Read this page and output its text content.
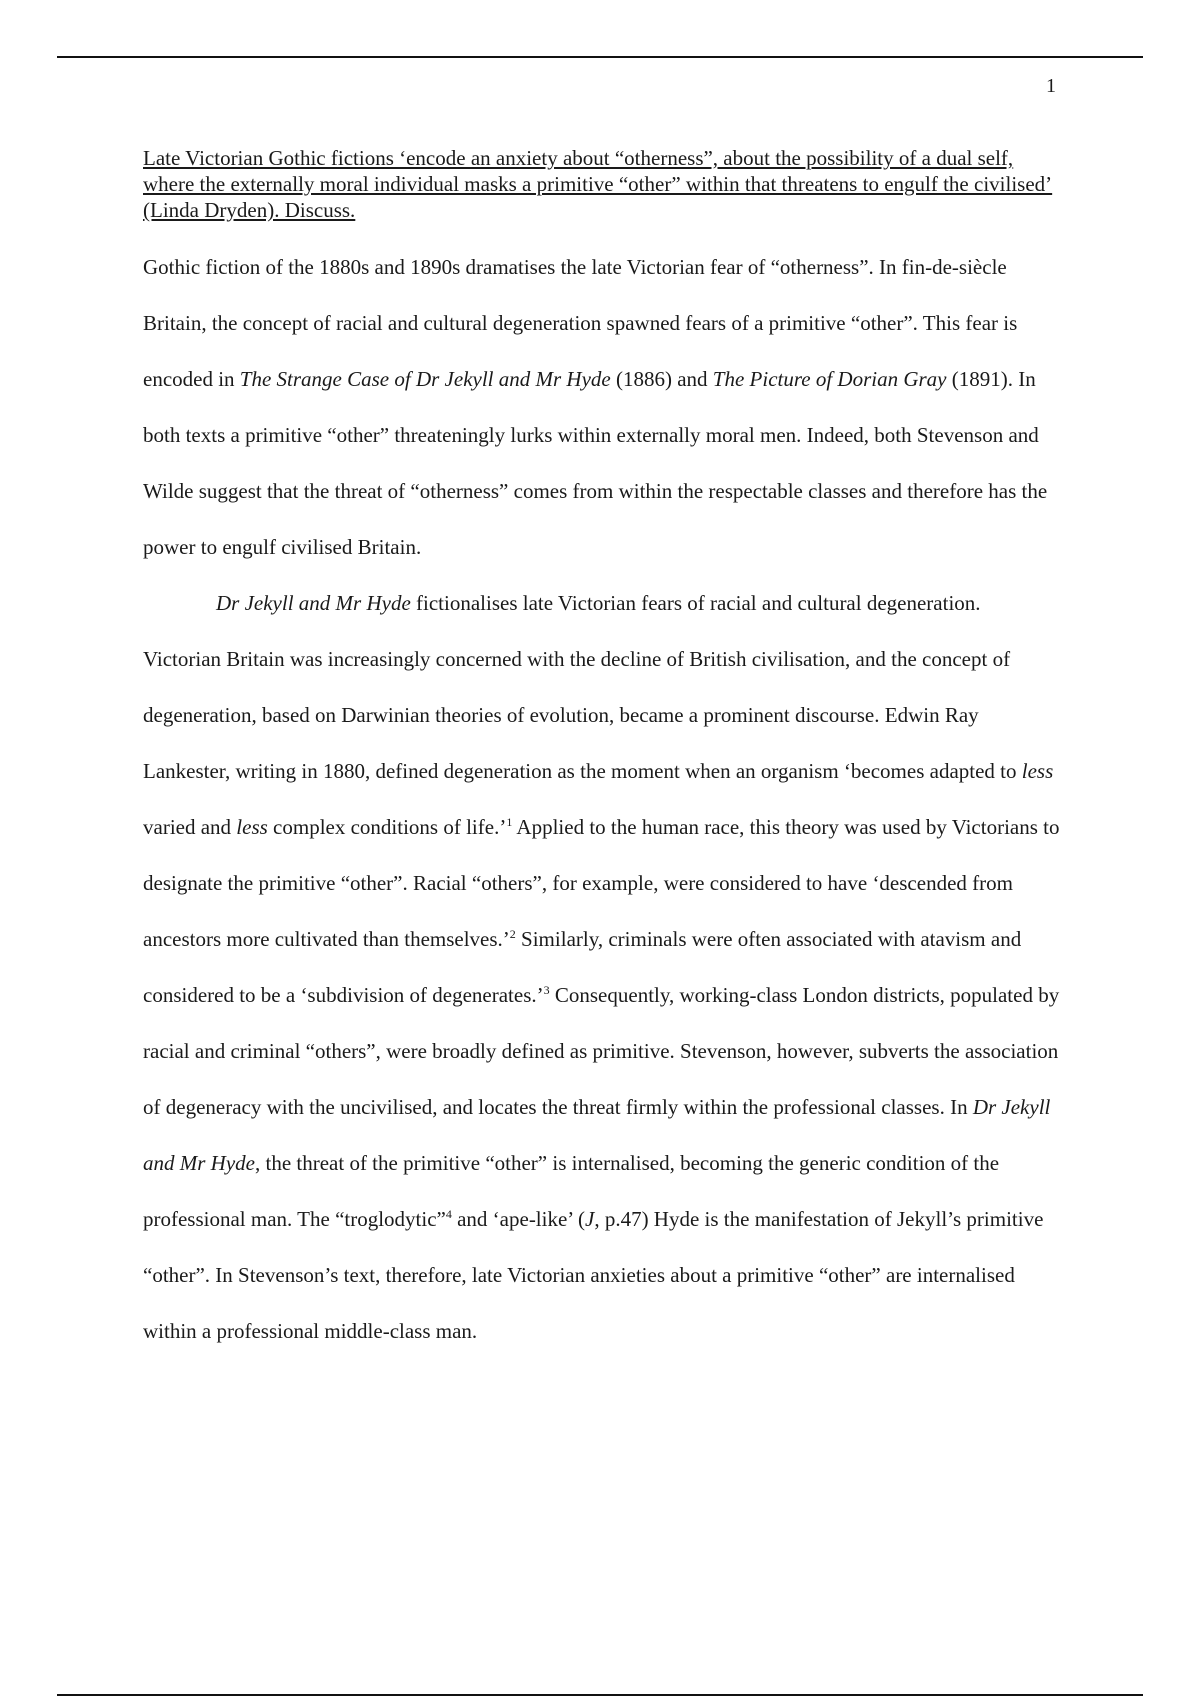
1

Late Victorian Gothic fictions ‘encode an anxiety about “otherness”, about the possibility of a dual self, where the externally moral individual masks a primitive “other” within that threatens to engulf the civilised’ (Linda Dryden). Discuss.

Gothic fiction of the 1880s and 1890s dramatises the late Victorian fear of “otherness”. In fin-de-siècle Britain, the concept of racial and cultural degeneration spawned fears of a primitive “other”. This fear is encoded in The Strange Case of Dr Jekyll and Mr Hyde (1886) and The Picture of Dorian Gray (1891). In both texts a primitive “other” threateningly lurks within externally moral men. Indeed, both Stevenson and Wilde suggest that the threat of “otherness” comes from within the respectable classes and therefore has the power to engulf civilised Britain.

Dr Jekyll and Mr Hyde fictionalises late Victorian fears of racial and cultural degeneration. Victorian Britain was increasingly concerned with the decline of British civilisation, and the concept of degeneration, based on Darwinian theories of evolution, became a prominent discourse. Edwin Ray Lankester, writing in 1880, defined degeneration as the moment when an organism ‘becomes adapted to less varied and less complex conditions of life.’$^1$ Applied to the human race, this theory was used by Victorians to designate the primitive “other”. Racial “others”, for example, were considered to have ‘descended from ancestors more cultivated than themselves.’$^2$ Similarly, criminals were often associated with atavism and considered to be a ‘subdivision of degenerates.’$^3$ Consequently, working-class London districts, populated by racial and criminal “others”, were broadly defined as primitive. Stevenson, however, subverts the association of degeneracy with the uncivilised, and locates the threat firmly within the professional classes. In Dr Jekyll and Mr Hyde, the threat of the primitive “other” is internalised, becoming the generic condition of the professional man. The “troglodytic”$^4$ and ‘ape-like’ (J, p.47) Hyde is the manifestation of Jekyll’s primitive “other”. In Stevenson’s text, therefore, late Victorian anxieties about a primitive “other” are internalised within a professional middle-class man.
